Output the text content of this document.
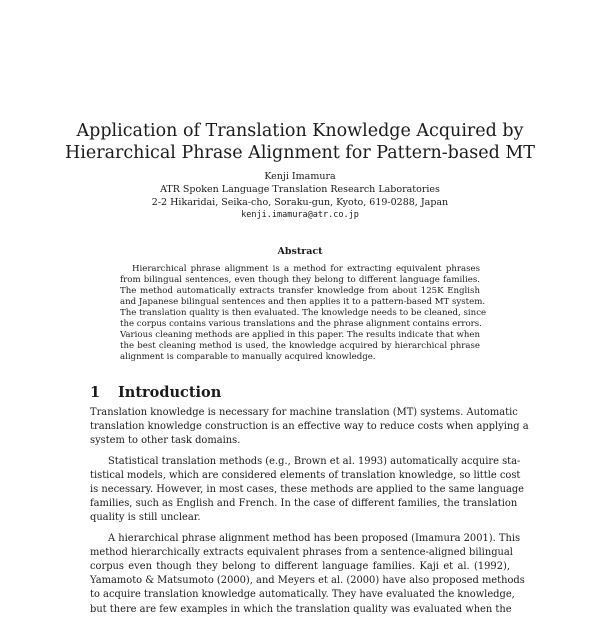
Application of Translation Knowledge Acquired by
Hierarchical Phrase Alignment for Pattern-based MT
Kenji Imamura
ATR Spoken Language Translation Research Laboratories
2-2 Hikaridai, Seika-cho, Soraku-gun, Kyoto, 619-0288, Japan
kenji.imamura@atr.co.jp
Abstract
Hierarchical phrase alignment is a method for extracting equivalent phrases
from bilingual sentences, even though they belong to different language families.
The method automatically extracts transfer knowledge from about 125K English
and Japanese bilingual sentences and then applies it to a pattern-based MT system.
The translation quality is then evaluated. The knowledge needs to be cleaned, since
the corpus contains various translations and the phrase alignment contains errors.
Various cleaning methods are applied in this paper. The results indicate that when
the best cleaning method is used, the knowledge acquired by hierarchical phrase
alignment is comparable to manually acquired knowledge.
1 Introduction
Translation knowledge is necessary for machine translation (MT) systems. Automatic
translation knowledge construction is an effective way to reduce costs when applying a
system to other task domains.
Statistical translation methods (e.g., Brown et al. 1993) automatically acquire sta-
tistical models, which are considered elements of translation knowledge, so little cost
is necessary. However, in most cases, these methods are applied to the same language
families, such as English and French. In the case of different families, the translation
quality is still unclear.
A hierarchical phrase alignment method has been proposed (Imamura 2001). This
method hierarchically extracts equivalent phrases from a sentence-aligned bilingual
corpus even though they belong to different language families. Kaji et al. (1992),
Yamamoto & Matsumoto (2000), and Meyers et al. (2000) have also proposed methods
to acquire translation knowledge automatically. They have evaluated the knowledge,
but there are few examples in which the translation quality was evaluated when the
